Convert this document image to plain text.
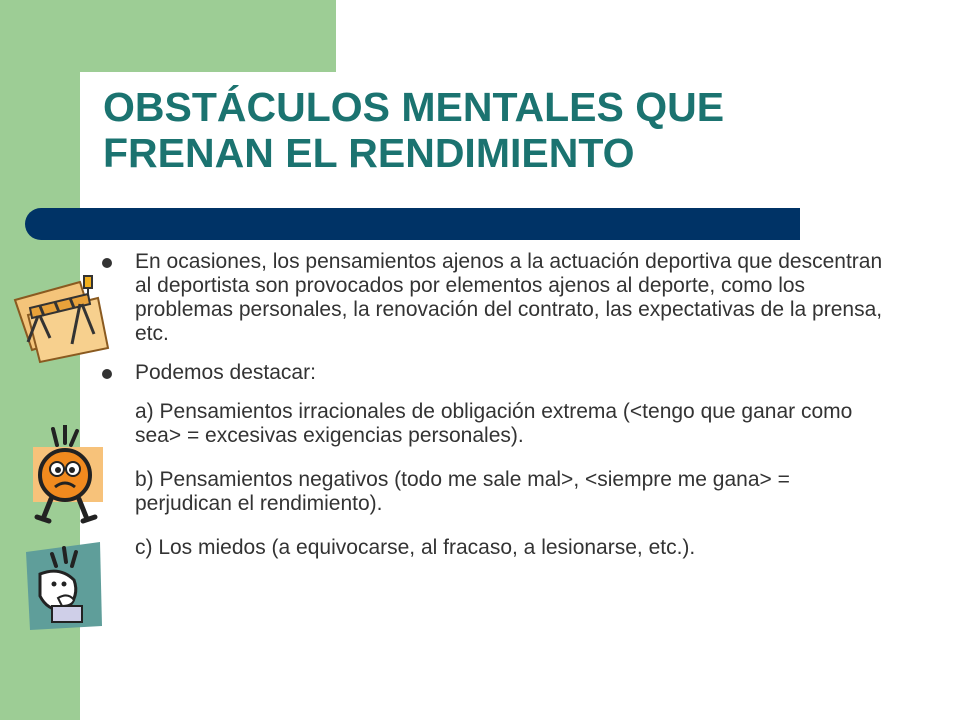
OBSTÁCULOS MENTALES QUE
FRENAN EL RENDIMIENTO

En ocasiones, los pensamientos ajenos a la actuación deportiva que descentran al deportista son provocados por elementos ajenos al deporte, como los problemas personales, la renovación del contrato, las expectativas de la prensa, etc.

Podemos destacar:

a) Pensamientos irracionales de obligación extrema (<tengo que ganar como sea> = excesivas exigencias personales).

b) Pensamientos negativos (todo me sale mal>, <siempre me gana> = perjudican el rendimiento).

c) Los miedos (a equivocarse, al fracaso, a lesionarse, etc.).
